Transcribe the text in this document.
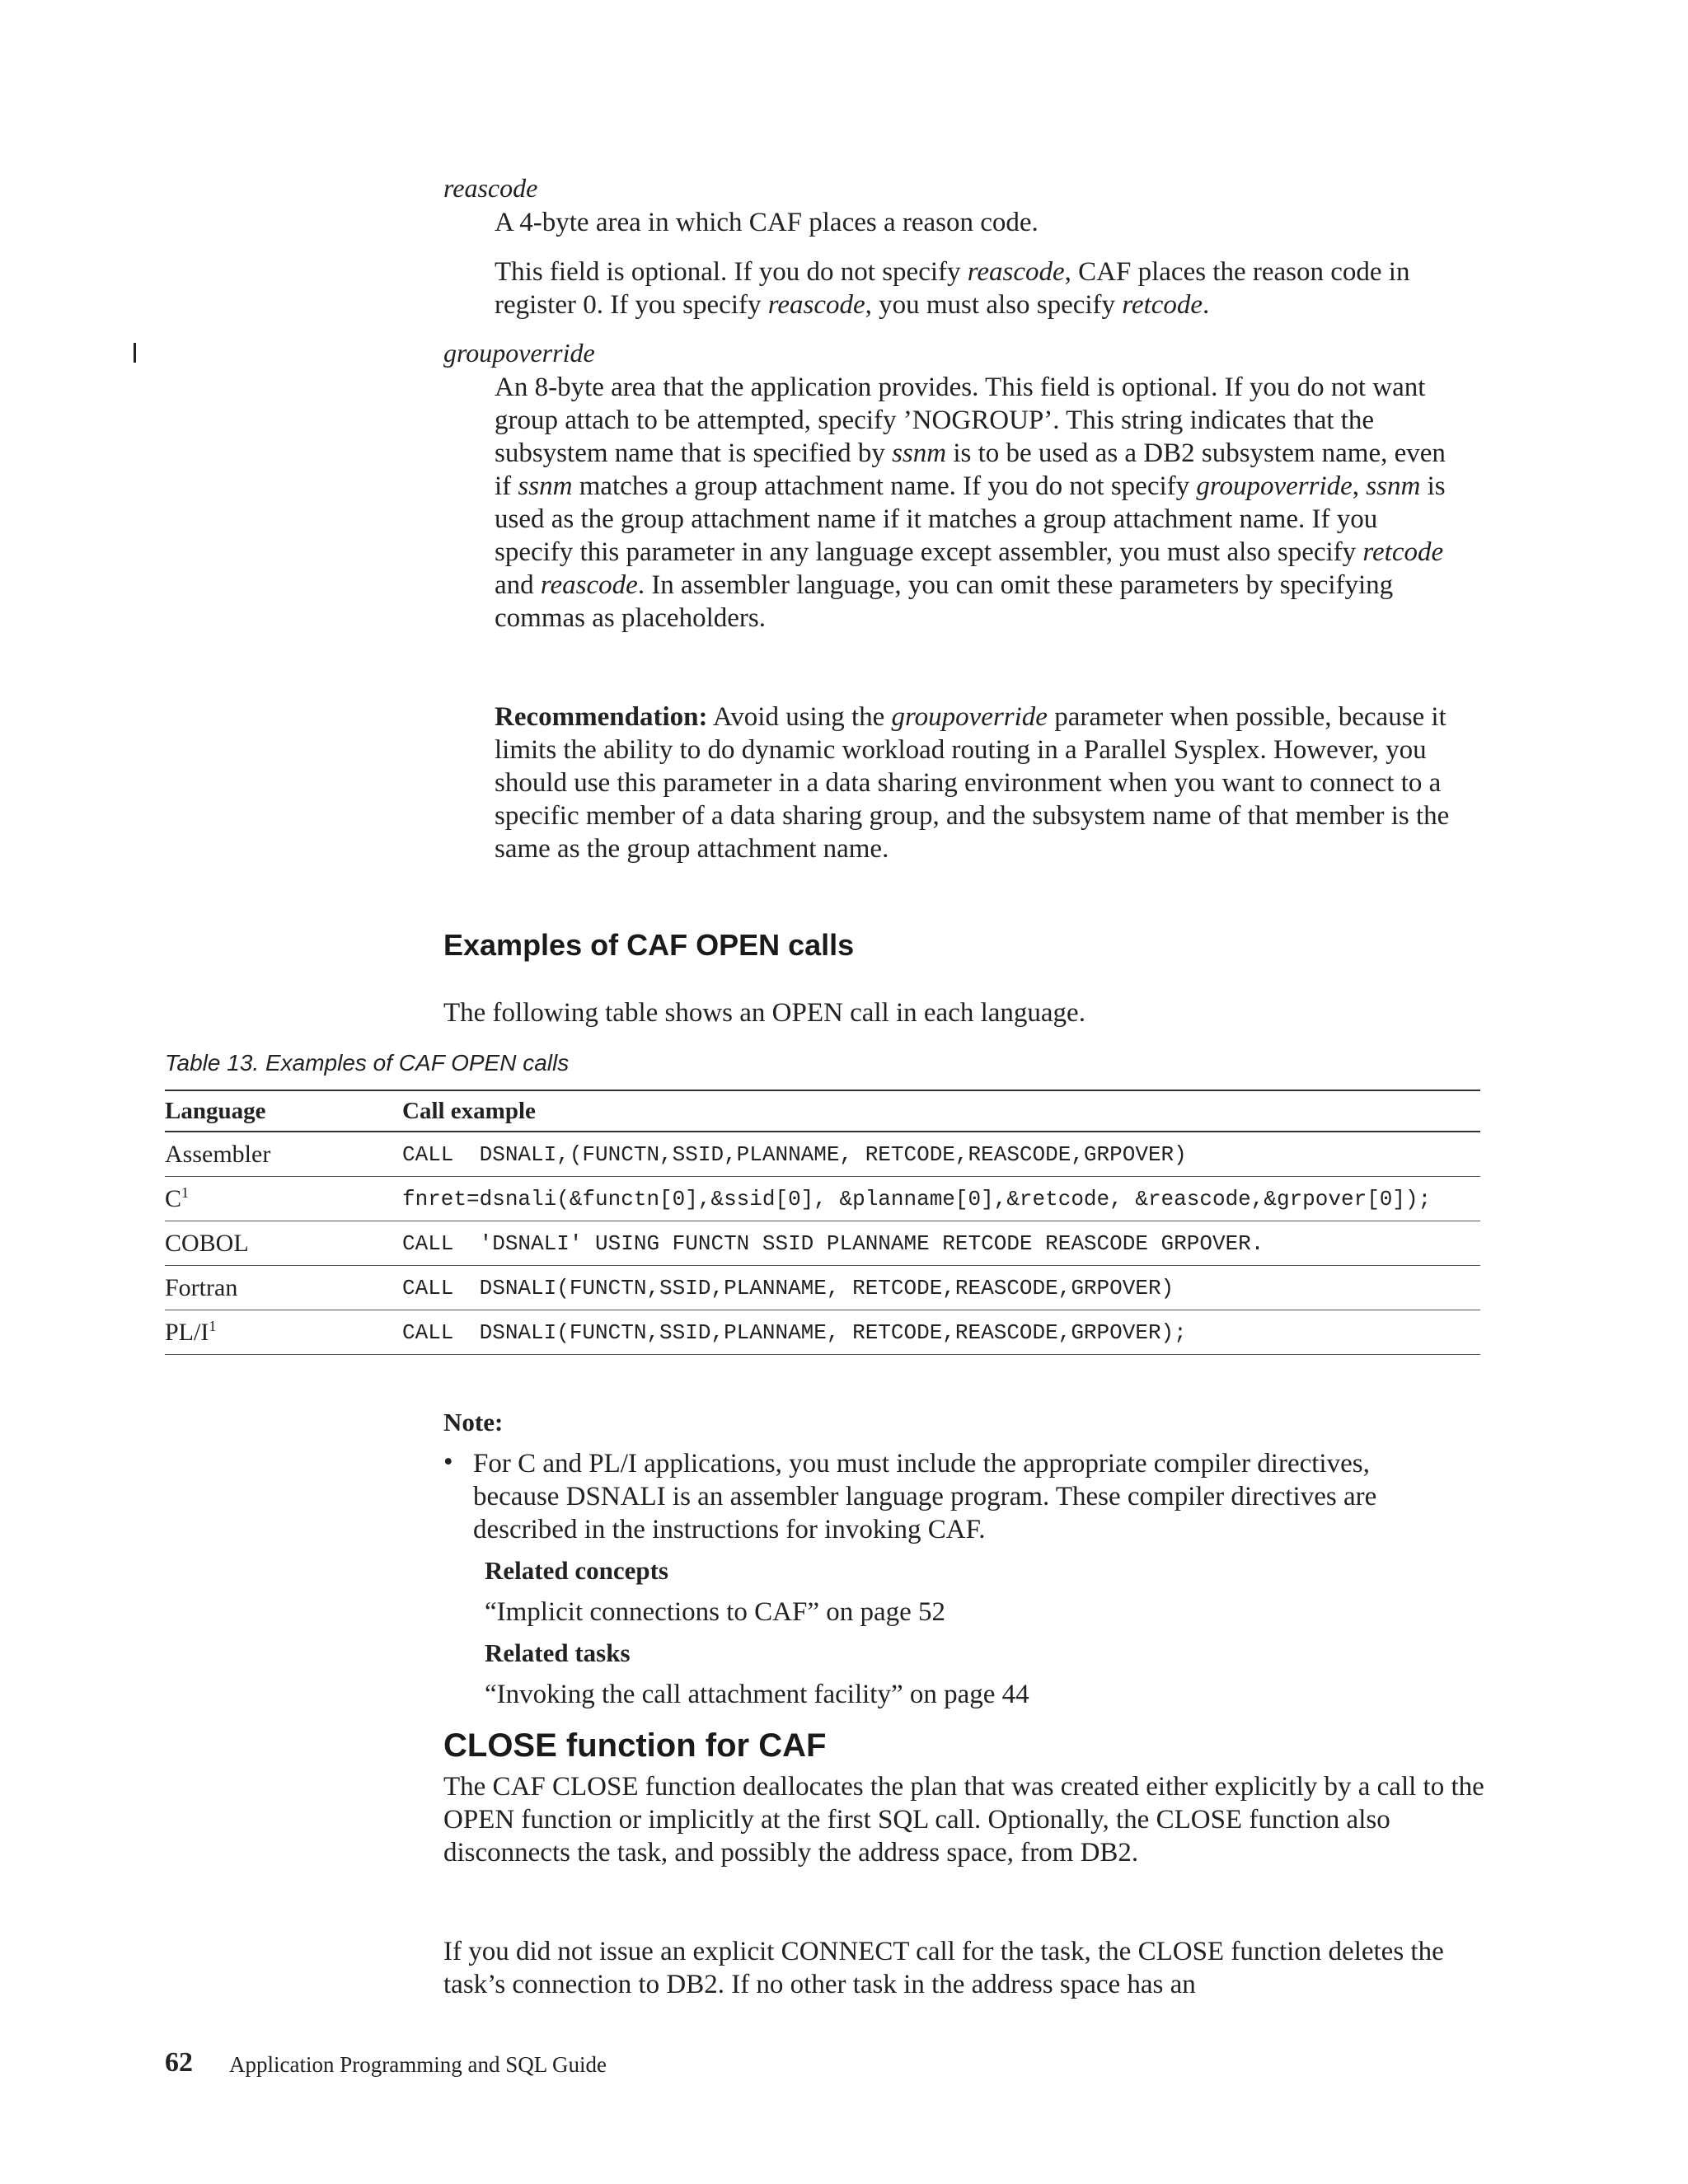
reascode

A 4-byte area in which CAF places a reason code.

This field is optional. If you do not specify reascode, CAF places the reason code in register 0. If you specify reascode, you must also specify retcode.

groupoverride

An 8-byte area that the application provides. This field is optional. If you do not want group attach to be attempted, specify ’NOGROUP’. This string indicates that the subsystem name that is specified by ssnm is to be used as a DB2 subsystem name, even if ssnm matches a group attachment name. If you do not specify groupoverride, ssnm is used as the group attachment name if it matches a group attachment name. If you specify this parameter in any language except assembler, you must also specify retcode and reascode. In assembler language, you can omit these parameters by specifying commas as placeholders.

Recommendation: Avoid using the groupoverride parameter when possible, because it limits the ability to do dynamic workload routing in a Parallel Sysplex. However, you should use this parameter in a data sharing environment when you want to connect to a specific member of a data sharing group, and the subsystem name of that member is the same as the group attachment name.

Examples of CAF OPEN calls

The following table shows an OPEN call in each language.

Table 13. Examples of CAF OPEN calls
Language	Call example
Assembler	CALL  DSNALI,(FUNCTN,SSID,PLANNAME, RETCODE,REASCODE,GRPOVER)
$C^1$	fnret=dsnali(&functn[0],&ssid[0], &planname[0],&retcode, &reascode,&grpover[0]);
COBOL	CALL  'DSNALI' USING FUNCTN SSID PLANNAME RETCODE REASCODE GRPOVER.
Fortran	CALL  DSNALI(FUNCTN,SSID,PLANNAME, RETCODE,REASCODE,GRPOVER)
$PL/I^1$	CALL  DSNALI(FUNCTN,SSID,PLANNAME, RETCODE,REASCODE,GRPOVER);
Note:
• For C and PL/I applications, you must include the appropriate compiler directives, because DSNALI is an assembler language program. These compiler directives are described in the instructions for invoking CAF.

Related concepts
“Implicit connections to CAF” on page 52
Related tasks
“Invoking the call attachment facility” on page 44
CLOSE function for CAF

The CAF CLOSE function deallocates the plan that was created either explicitly by a call to the OPEN function or implicitly at the first SQL call. Optionally, the CLOSE function also disconnects the task, and possibly the address space, from DB2.

If you did not issue an explicit CONNECT call for the task, the CLOSE function deletes the task’s connection to DB2. If no other task in the address space has an

62 Application Programming and SQL Guide
